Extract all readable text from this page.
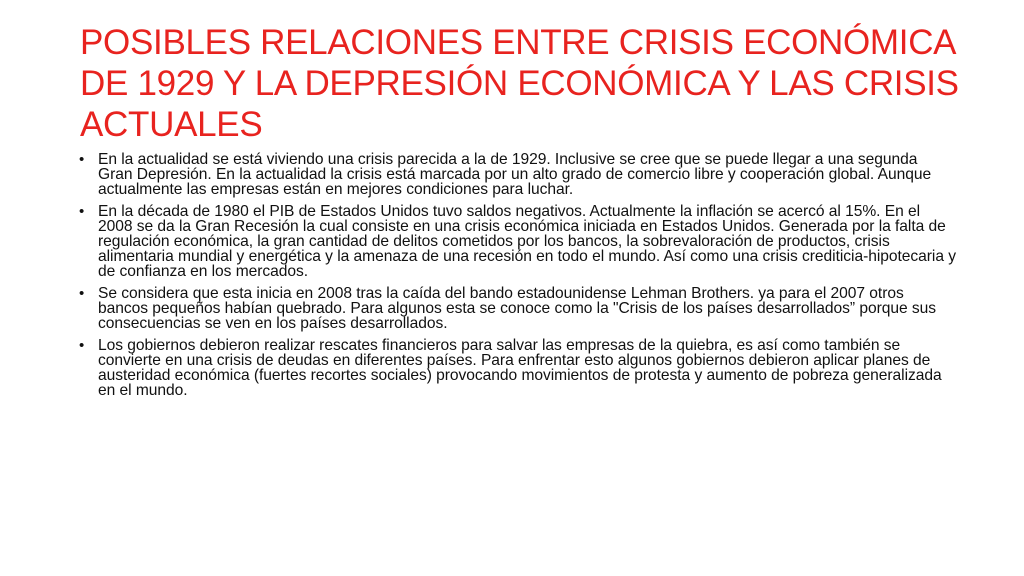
POSIBLES RELACIONES ENTRE CRISIS ECONÓMICA DE 1929 Y LA DEPRESIÓN ECONÓMICA Y LAS CRISIS ACTUALES
• En la actualidad se está viviendo una crisis parecida a la de 1929. Inclusive se cree que se puede llegar a una segunda Gran Depresión. En la actualidad la crisis está marcada por un alto grado de comercio libre y cooperación global. Aunque actualmente las empresas están en mejores condiciones para luchar.
• En la década de 1980 el PIB de Estados Unidos tuvo saldos negativos. Actualmente la inflación se acercó al 15%. En el 2008 se da la Gran Recesión la cual consiste en una crisis económica iniciada en Estados Unidos. Generada por la falta de regulación económica, la gran cantidad de delitos cometidos por los bancos, la sobrevaloración de productos, crisis alimentaria mundial y energética y la amenaza de una recesión en todo el mundo. Así como una crisis crediticia-hipotecaria y de confianza en los mercados.
• Se considera que esta inicia en 2008 tras la caída del bando estadounidense Lehman Brothers. ya para el 2007 otros bancos pequeños habían quebrado. Para algunos esta se conoce como la "Crisis de los países desarrollados” porque sus consecuencias se ven en los países desarrollados.
• Los gobiernos debieron realizar rescates financieros para salvar las empresas de la quiebra, es así como también se convierte en una crisis de deudas en diferentes países. Para enfrentar esto algunos gobiernos debieron aplicar planes de austeridad económica (fuertes recortes sociales) provocando movimientos de protesta y aumento de pobreza generalizada en el mundo.
